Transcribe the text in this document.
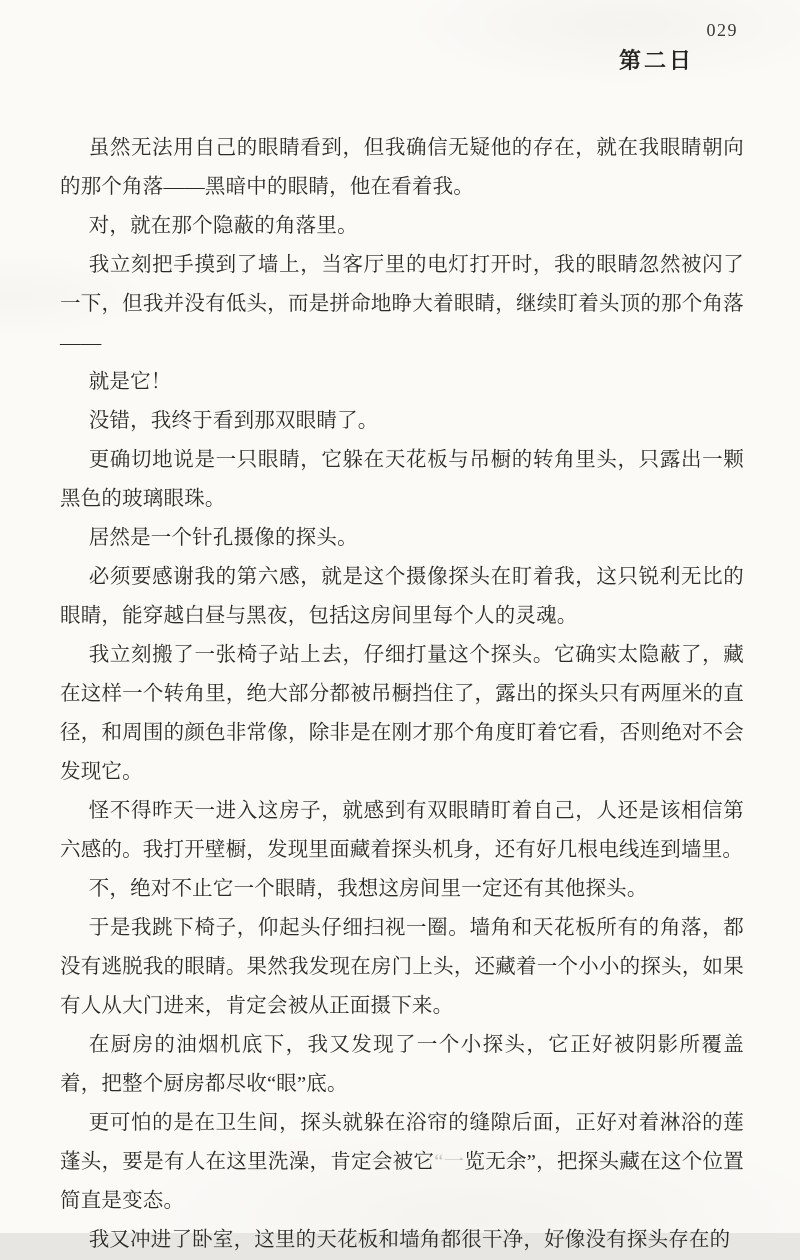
029
第二日

虽然无法用自己的眼睛看到，但我确信无疑他的存在，就在我眼睛朝向的那个角落——黑暗中的眼睛，他在看着我。

对，就在那个隐蔽的角落里。

我立刻把手摸到了墙上，当客厅里的电灯打开时，我的眼睛忽然被闪了一下，但我并没有低头，而是拼命地睁大着眼睛，继续盯着头顶的那个角落——

就是它！

没错，我终于看到那双眼睛了。

更确切地说是一只眼睛，它躲在天花板与吊橱的转角里头，只露出一颗黑色的玻璃眼珠。

居然是一个针孔摄像的探头。

必须要感谢我的第六感，就是这个摄像探头在盯着我，这只锐利无比的眼睛，能穿越白昼与黑夜，包括这房间里每个人的灵魂。

我立刻搬了一张椅子站上去，仔细打量这个探头。它确实太隐蔽了，藏在这样一个转角里，绝大部分都被吊橱挡住了，露出的探头只有两厘米的直径，和周围的颜色非常像，除非是在刚才那个角度盯着它看，否则绝对不会发现它。

怪不得昨天一进入这房子，就感到有双眼睛盯着自己，人还是该相信第六感的。我打开壁橱，发现里面藏着探头机身，还有好几根电线连到墙里。

不，绝对不止它一个眼睛，我想这房间里一定还有其他探头。

于是我跳下椅子，仰起头仔细扫视一圈。墙角和天花板所有的角落，都没有逃脱我的眼睛。果然我发现在房门上头，还藏着一个小小的探头，如果有人从大门进来，肯定会被从正面摄下来。

在厨房的油烟机底下，我又发现了一个小探头，它正好被阴影所覆盖着，把整个厨房都尽收“眼”底。

更可怕的是在卫生间，探头就躲在浴帘的缝隙后面，正好对着淋浴的莲蓬头，要是有人在这里洗澡，肯定会被它“一览无余”，把探头藏在这个位置简直是变态。

我又冲进了卧室，这里的天花板和墙角都很干净，好像没有探头存在的
